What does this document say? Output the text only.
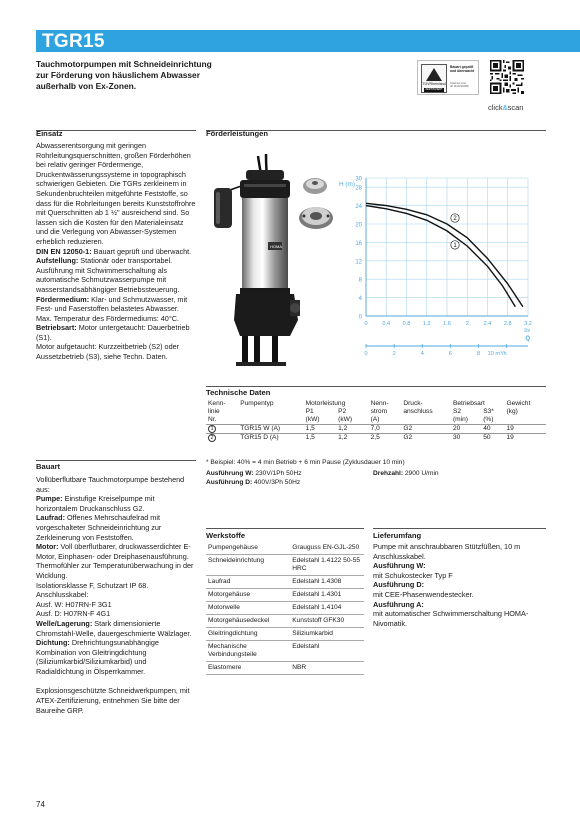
TGR15
Tauchmotorpumpen mit Schneideinrichtung
zur Förderung von häuslichem Abwasser
außerhalb von Ex-Zonen.	TÜVRheinland
ZERTIFIZIERT
Bauart geprüft
und überwacht
www.tuv.com
ID 1111203496
click&scan
Einsatz	Förderleistungen

Abwasserentsorgung mit geringen Rohrleitungsquerschnitten, großen Förderhöhen bei relativ geringer Fördermenge, Druckentwässerungssysteme in topographisch schwierigen Gebieten. Die TGRs zerkleinern in Sekundenbruchteilen mitgeführte Feststoffe, so dass für die Rohrleitungen bereits Kunststoffrohre mit Querschnitten ab 1 ½" ausreichend sind. So lassen sich die Kosten für den Materialeinsatz und die Verlegung von Abwasser-Systemen erheblich reduzieren.

DIN EN 12050-1: Bauart geprüft und überwacht.

Aufstellung: Stationär oder transportabel. Ausführung mit Schwimmerschaltung als automatische Schmutzwasserpumpe mit wasserstandsabhängiger Betriebssteuerung.

Fördermedium: Klar- und Schmutzwasser, mit Fest- und Faserstoffen belastetes Abwasser. Max. Temperatur des Fördermediums: 40°C.

Betriebsart: Motor untergetaucht: Dauerbetrieb (S1).

Motor aufgetaucht: Kurzzeitbetrieb (S2) oder Aussetzbetrieb (S3), siehe Techn. Daten.

Bauart

Vollüberflutbare Tauchmotorpumpe bestehend aus:

Pumpe: Einstufige Kreiselpumpe mit horizontalem Druckanschluss G2.

Laufrad: Offenes Mehrschaufelrad mit vorgeschalteter Schneideinrichtung zur Zerkleinerung von Feststoffen.

Motor: Voll überflutbarer, druckwasserdichter E-Motor, Einphasen- oder Dreiphasenausführung. Thermofühler zur Temperaturüberwachung in der Wicklung.

Isolationsklasse F, Schutzart IP 68.

Anschlusskabel:

Ausf. W: H07RN-F 3G1

Ausf. D: H07RN-F 4G1

Welle/Lagerung: Stark dimensionierte Chromstahl-Welle, dauergeschmierte Wälzlager.

Dichtung: Drehrichtungsunabhängige Kombination von Gleitringdichtung (Siliziumkarbid/Siliziumkarbid) und Radialdichtung in Ölsperrkammer.

Explosionsgeschützte Schneidwerkpumpen, mit ATEX-Zertifizierung, entnehmen Sie bitte der Baureihe GRP.

HOMA
30
28
24
20
16
12
8
4
0
0	0.4 0.8 1.2 1.6	2	2.4 2.8 3.2
H (m)
l/s
Q
0	2	4	6	8 10 m³/h
1
2
Technische Daten
Kenn-	Pumpentyp	Motorleistung		Nenn-	Druck-	Betriebsart		Gewicht
linie		P1	P2	strom	anschluss	S2	S3*	(kg)
Nr.		(kW)	(kW)	(A)		(min)	(%)	
1	TGR15 W (A)	1,5	1,2	7,0	G2	20	40	19
2	TGR15 D (A)	1,5	1,2	2,5	G2	30	50	19
* Beispiel: 40% = 4 min Betrieb + 6 min Pause (Zyklusdauer 10 min)
Ausführung W: 230V/1Ph 50Hz
Ausführung D: 400V/3Ph 50Hz
Drehzahl: 2900 U/min
Werkstoffe
Pumpengehäuse	Grauguss EN-GJL-250
Schneideinrichtung	Edelstahl 1.4122 50-55 HRC
Laufrad	Edelstahl 1.4308
Motorgehäuse	Edelstahl 1.4301
Motorwelle	Edelstahl 1.4104
Motorgehäusedeckel	Kunststoff GFK30
Gleitringdichtung	Siliziumkarbid
Mechanische Verbindungsteile	Edelstahl
Elastomere	NBR
Lieferumfang

Pumpe mit anschraubbaren Stützfüßen, 10 m Anschlusskabel.

Ausführung W:

mit Schukostecker Typ F

Ausführung D:

mit CEE-Phasenwendestecker.

Ausführung A:

mit automatischer Schwimmerschaltung HOMA-Nivomatik.

74
